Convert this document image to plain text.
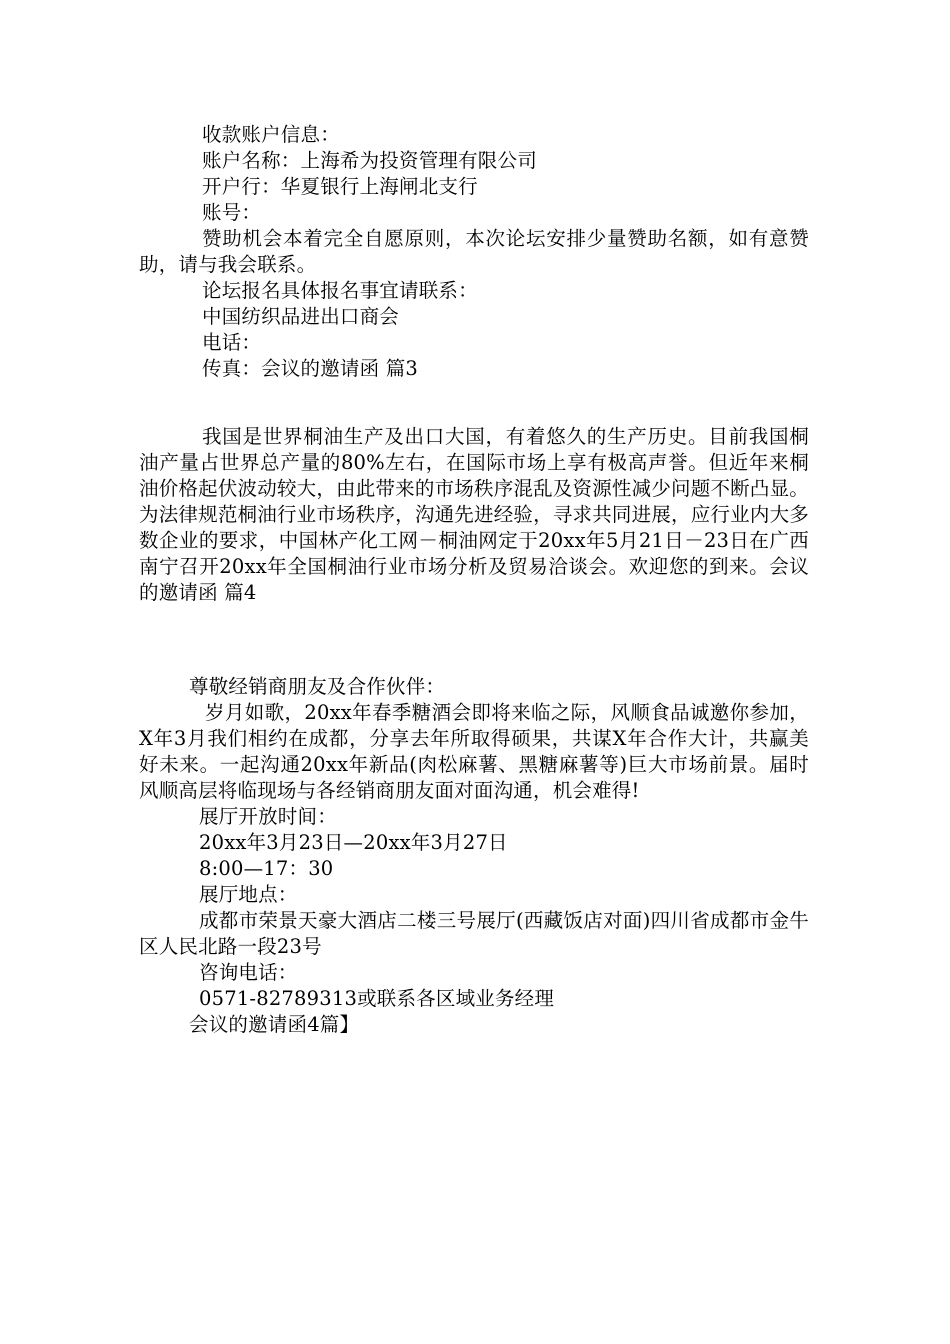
收款账户信息：

账户名称：上海希为投资管理有限公司

开户行：华夏银行上海闸北支行

账号：

赞助机会本着完全自愿原则，本次论坛安排少量赞助名额，如有意赞助，请与我会联系。

论坛报名具体报名事宜请联系：

中国纺织品进出口商会

电话：

传真：会议的邀请函 篇3

我国是世界桐油生产及出口大国，有着悠久的生产历史。目前我国桐油产量占世界总产量的80%左右，在国际市场上享有极高声誉。但近年来桐油价格起伏波动较大，由此带来的市场秩序混乱及资源性减少问题不断凸显。为法律规范桐油行业市场秩序，沟通先进经验，寻求共同进展，应行业内大多数企业的要求，中国林产化工网－桐油网定于20xx年5月21日－23日在广西南宁召开20xx年全国桐油行业市场分析及贸易洽谈会。欢迎您的到来。会议的邀请函 篇4

尊敬经销商朋友及合作伙伴：

岁月如歌，20xx年春季糖酒会即将来临之际，风顺食品诚邀你参加，X年3月我们相约在成都，分享去年所取得硕果，共谋X年合作大计，共赢美好未来。一起沟通20xx年新品(肉松麻薯、黑糖麻薯等)巨大市场前景。届时风顺高层将临现场与各经销商朋友面对面沟通，机会难得!

展厅开放时间：

20xx年3月23日—20xx年3月27日

8:00—17：30

展厅地点：

成都市荣景天豪大酒店二楼三号展厅(西藏饭店对面)四川省成都市金牛区人民北路一段23号

咨询电话：

0571-82789313或联系各区域业务经理

会议的邀请函4篇】
